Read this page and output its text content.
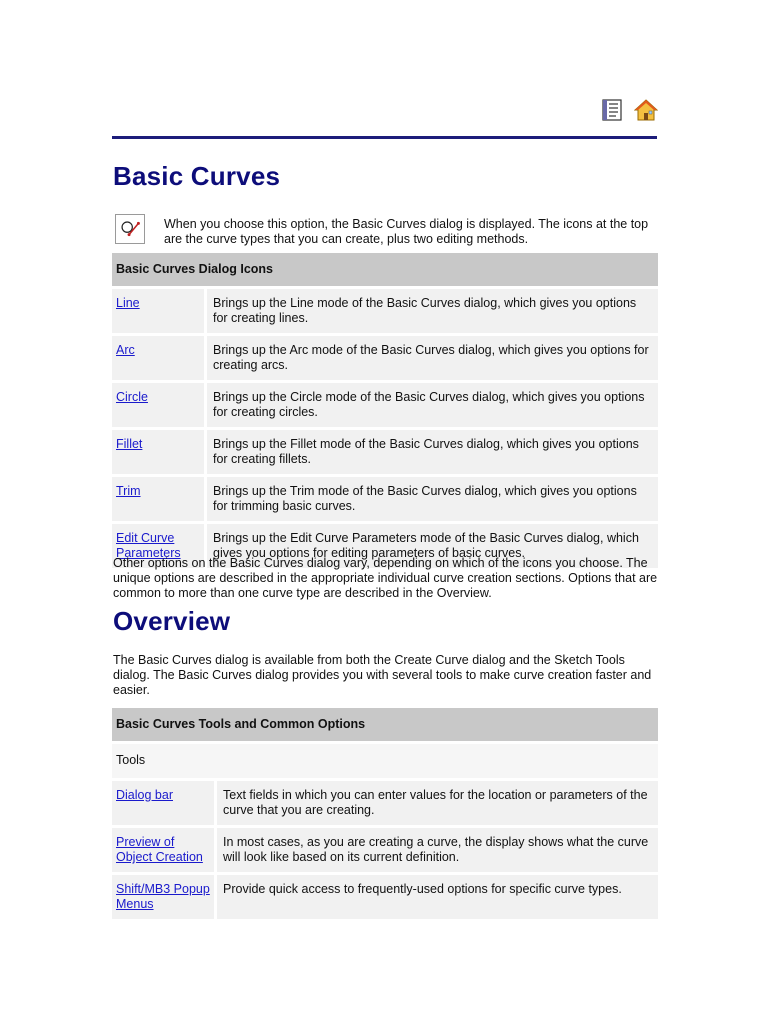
Basic Curves
When you choose this option, the Basic Curves dialog is displayed. The icons at the top are the curve types that you can create, plus two editing methods.
Basic Curves Dialog Icons	
Line	Brings up the Line mode of the Basic Curves dialog, which gives you options for creating lines.
Arc	Brings up the Arc mode of the Basic Curves dialog, which gives you options for creating arcs.
Circle	Brings up the Circle mode of the Basic Curves dialog, which gives you options for creating circles.
Fillet	Brings up the Fillet mode of the Basic Curves dialog, which gives you options for creating fillets.
Trim	Brings up the Trim mode of the Basic Curves dialog, which gives you options for trimming basic curves.
Edit Curve Parameters	Brings up the Edit Curve Parameters mode of the Basic Curves dialog, which gives you options for editing parameters of basic curves.

Other options on the Basic Curves dialog vary, depending on which of the icons you choose. The unique options are described in the appropriate individual curve creation sections. Options that are common to more than one curve type are described in the Overview.

Overview

The Basic Curves dialog is available from both the Create Curve dialog and the Sketch Tools dialog. The Basic Curves dialog provides you with several tools to make curve creation faster and easier.

Basic Curves Tools and Common Options	
Tools	
Dialog bar	Text fields in which you can enter values for the location or parameters of the curve that you are creating.
Preview of Object Creation	In most cases, as you are creating a curve, the display shows what the curve will look like based on its current definition.
Shift/MB3 Popup Menus	Provide quick access to frequently-used options for specific curve types.
